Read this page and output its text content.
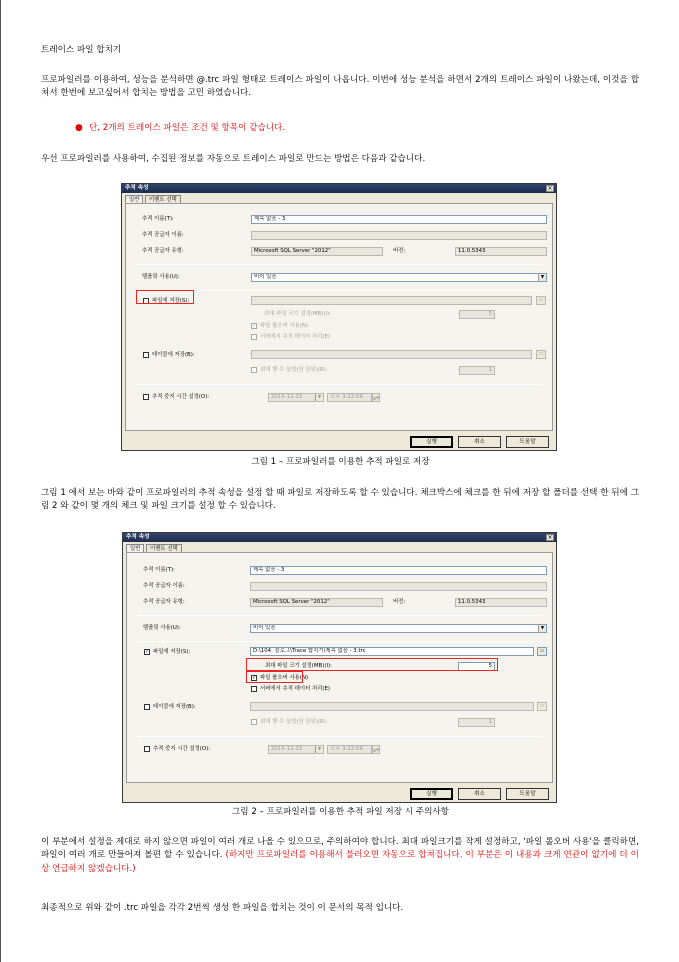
트레이스 파일 합치기
프로파일러를 이용하여, 성능을 분석하면 @.trc 파일 형태로 트레이스 파일이 나옵니다. 이번에 성능 분석을 하면서 2개의 트레이스 파일이 나왔는데, 이것을 합쳐서 한번에 보고싶어서 합치는 방법을 고민 하였습니다.
● 단, 2개의 트레이스 파일은 조건 및 항목이 같습니다.
우선 프로파일러를 사용하여, 수집된 정보를 자동으로 트레이스 파일로 만드는 방법은 다음과 같습니다.
추적 속성	×
일반	이벤트 선택
추적 이름(T):	제목 없음 - 3
추적 공급자 이름:
추적 공급자 유형:	Microsoft SQL Server "2012"	버전:	11.0.5343
템플릿 사용(U):	비어 있음	▼
파일에 저장(S):	▭
최대 파일 크기 설정(MB)(I):	5
✓ 파일 롤오버 사용(N)
서버에서 추적 데이터 처리(E)
테이블에 저장(B):	▭
최대 행 수 설정(천 단위)(R):	1
추적 중지 시간 설정(O):	2015-12-15	▼	오후 3:12:59	▲▼
실행	취소	도움말
그림 1 – 프로파일러를 이용한 추적 파일로 저장
그림 1 에서 보는 바와 같이 프로파일러의 추적 속성을 설정 할 때 파일로 저장하도록 할 수 있습니다. 체크박스에 체크를 한 뒤에 저장 할 폴더를 선택 한 뒤에 그림 2 와 같이 몇 개의 체크 및 파일 크기를 설정 할 수 있습니다.
추적 속성	×
일반	이벤트 선택
추적 이름(T):	제목 없음 - 3
추적 공급자 이름:
추적 공급자 유형:	Microsoft SQL Server "2012"	버전:	11.0.5343
템플릿 사용(U):	비어 있음	▼
✓ 파일에 저장(S):	D:\104. 블로그\Trace 합치기\제목 없음 - 3.trc	▭
최대 파일 크기 설정(MB)(I):	5
✓ 파일 롤오버 사용(N)
서버에서 추적 데이터 처리(E)
테이블에 저장(B):	▭
최대 행 수 설정(천 단위)(R):	1
추적 중지 시간 설정(O):	2015-12-15	▼	오후 3:12:59	▲▼
실행	취소	도움말
그림 2 – 프로파일러를 이용한 추적 파일 저장 시 주의사항
이 부분에서 설정을 제대로 하지 않으면 파일이 여러 개로 나올 수 있으므로, 주의하여야 합니다. 최대 파일크기를 작게 설정하고, '파일 롤오버 사용'을 클릭하면, 파일이 여러 개로 만들어져 볼편 할 수 있습니다. (하지만 프로파일러를 이용해서 불러오면 자동으로 합쳐집니다. 이 부분은 이 내용과 크게 연관이 없기에 더 이상 언급하지 않겠습니다.)
최종적으로 위와 같이 .trc 파일을 각각 2번씩 생성 한 파일을 합치는 것이 이 문서의 목적 입니다.
